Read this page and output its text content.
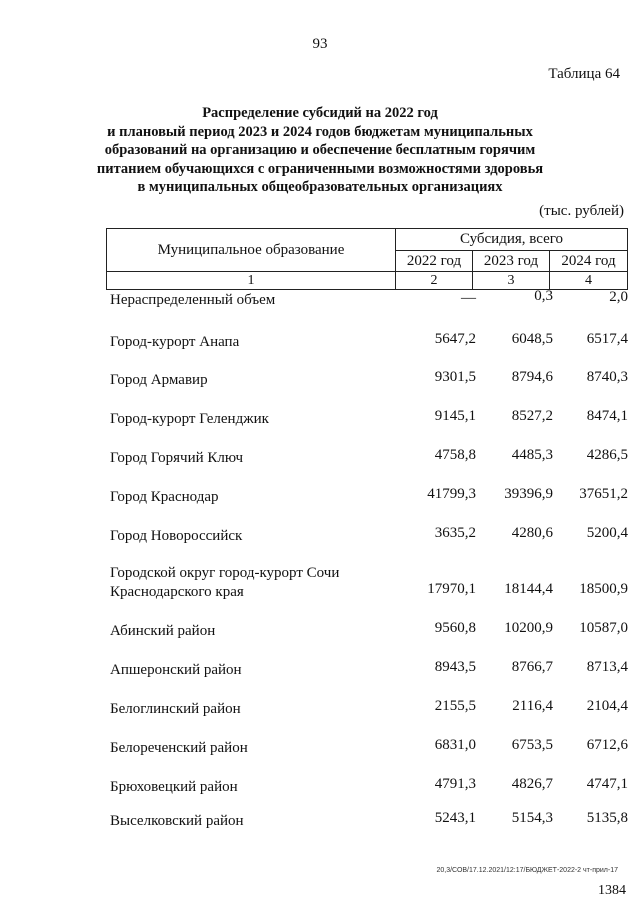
93
Таблица 64
Распределение субсидий на 2022 год
и плановый период 2023 и 2024 годов бюджетам муниципальных
образований на организацию и обеспечение бесплатным горячим
питанием обучающихся с ограниченными возможностями здоровья
в муниципальных общеобразовательных организациях
(тыс. рублей)
Муниципальное образование	Субсидия, всего		
	2022 год	2023 год	2024 год
1	2	3	4
Нераспределенный объем	—	0,3	2,0
Город-курорт Анапа	5647,2	6048,5	6517,4
Город Армавир	9301,5	8794,6	8740,3
Город-курорт Геленджик	9145,1	8527,2	8474,1
Город Горячий Ключ	4758,8	4485,3	4286,5
Город Краснодар	41799,3	39396,9	37651,2
Город Новороссийск	3635,2	4280,6	5200,4
Городской округ город-курорт Сочи
Краснодарского края	17970,1	18144,4	18500,9
Абинский район	9560,8	10200,9	10587,0
Апшеронский район	8943,5	8766,7	8713,4
Белоглинский район	2155,5	2116,4	2104,4
Белореченский район	6831,0	6753,5	6712,6
Брюховецкий район	4791,3	4826,7	4747,1
Выселковский район	5243,1	5154,3	5135,8
20,3/СОВ/17.12.2021/12:17/БЮДЖЕТ-2022-2 чт-прил-17
1384
